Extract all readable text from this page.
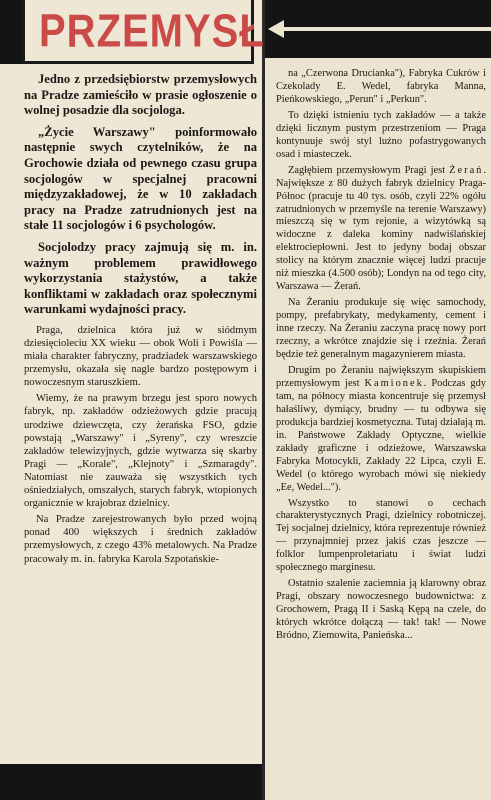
PRZEMYSŁ

Jedno z przedsiębiorstw przemysłowych na Pradze zamieściło w prasie ogłoszenie o wolnej posadzie dla socjologa.

„Życie Warszawy" poinformowało następnie swych czytelników, że na Grochowie działa od pewnego czasu grupa socjologów w specjalnej pracowni międzyzakładowej, że w 10 zakładach pracy na Pradze zatrudnionych jest na stałe 11 socjologów i 6 psychologów.

Socjolodzy pracy zajmują się m. in. ważnym problemem prawidłowego wykorzystania stażystów, a także konfliktami w zakładach oraz społecznymi warunkami wydajności pracy.

Praga, dzielnica która już w siódmym dziesięcioleciu XX wieku — obok Woli i Powiśla — miała charakter fabryczny, pradziadek warszawskiego przemysłu, okazała się nagle bardzo postępowym i nowoczesnym staruszkiem.

Wiemy, że na prawym brzegu jest sporo nowych fabryk, np. zakładów odzieżowych gdzie pracują urodziwe dziewczęta, czy żerańska FSO, gdzie powstają „Warszawy" i „Syreny", czy wreszcie zakładów telewizyjnych, gdzie wytwarza się skarby Pragi — „Korale", „Klejnoty" i „Szmaragdy". Natomiast nie zauważa się wszystkich tych ośniedziałych, omszałych, starych fabryk, wtopionych organicznie w krajobraz dzielnicy.

Na Pradze zarejestrowanych było przed wojną ponad 400 większych i średnich zakładów przemysłowych, z czego 43% metalowych. Na Pradze pracowały m. in. fabryka Karola Szpotańskie-

na „Czerwona Druciankа"), Fabryka Cukrów i Czekolady E. Wedel, fabryka Manna, Pieńkowskiego, „Perun" i „Perkun".

To dzięki istnieniu tych zakładów — a także dzięki licznym pustym przestrzeniom — Praga kontynuuje swój styl luźno pofastrygowanych osad i miasteczek.

Zagłębiem przemysłowym Pragi jest Żerań. Największe z 80 dużych fabryk dzielnicy Praga-Północ (pracuje tu 40 tys. osób, czyli 22% ogółu zatrudnionych w przemyśle na terenie Warszawy) mieszczą się w tym rejonie, a wizytówką są widoczne z daleka kominy nadwiślańskiej elektrociepłowni. Jest to jedyny bodaj obszar stolicy na którym znacznie więcej ludzi pracuje niż mieszka (4.500 osób); Londyn na od tego city, Warszawa — Żerań.

Na Żeraniu produkuje się więc samochody, pompy, prefabrykaty, medykamenty, cement i inne rzeczy. Na Żeraniu zaczyna pracę nowy port rzeczny, a wkrótce znajdzie się i rzeźnia. Żerań będzie też generalnym magazynierem miasta.

Drugim po Żeraniu największym skupiskiem przemysłowym jest Kamionek. Podczas gdy tam, na północy miasta koncentruje się przemysł hałaśliwy, dymiący, brudny — tu odbywa się produkcja bardziej kosmetyczna. Tutaj działają m. in. Państwowe Zakłady Optyczne, wielkie zakłady graficzne i odzieżowe, Warszawska Fabryka Motocykli, Zakłady 22 Lipca, czyli E. Wedel (o którego wyrobach mówi się niekiedy „Ee, Wedel...").

Wszystko to stanowi o cechach charakterystycznych Pragi, dzielnicy robotniczej. Tej socjalnej dzielnicy, która reprezentuje również — przynajmniej przez jakiś czas jeszcze — folklor lumpenproletariatu i świat ludzi społecznego marginesu.

Ostatnio szalenie zaciemnia ją klarowny obraz Pragi, obszary nowoczesnego budownictwa: z Grochowem, Pragą II i Saską Kępą na czele, do których wkrótce dołączą — tak! tak! — Nowe Bródno, Ziemowita, Panieńska...
